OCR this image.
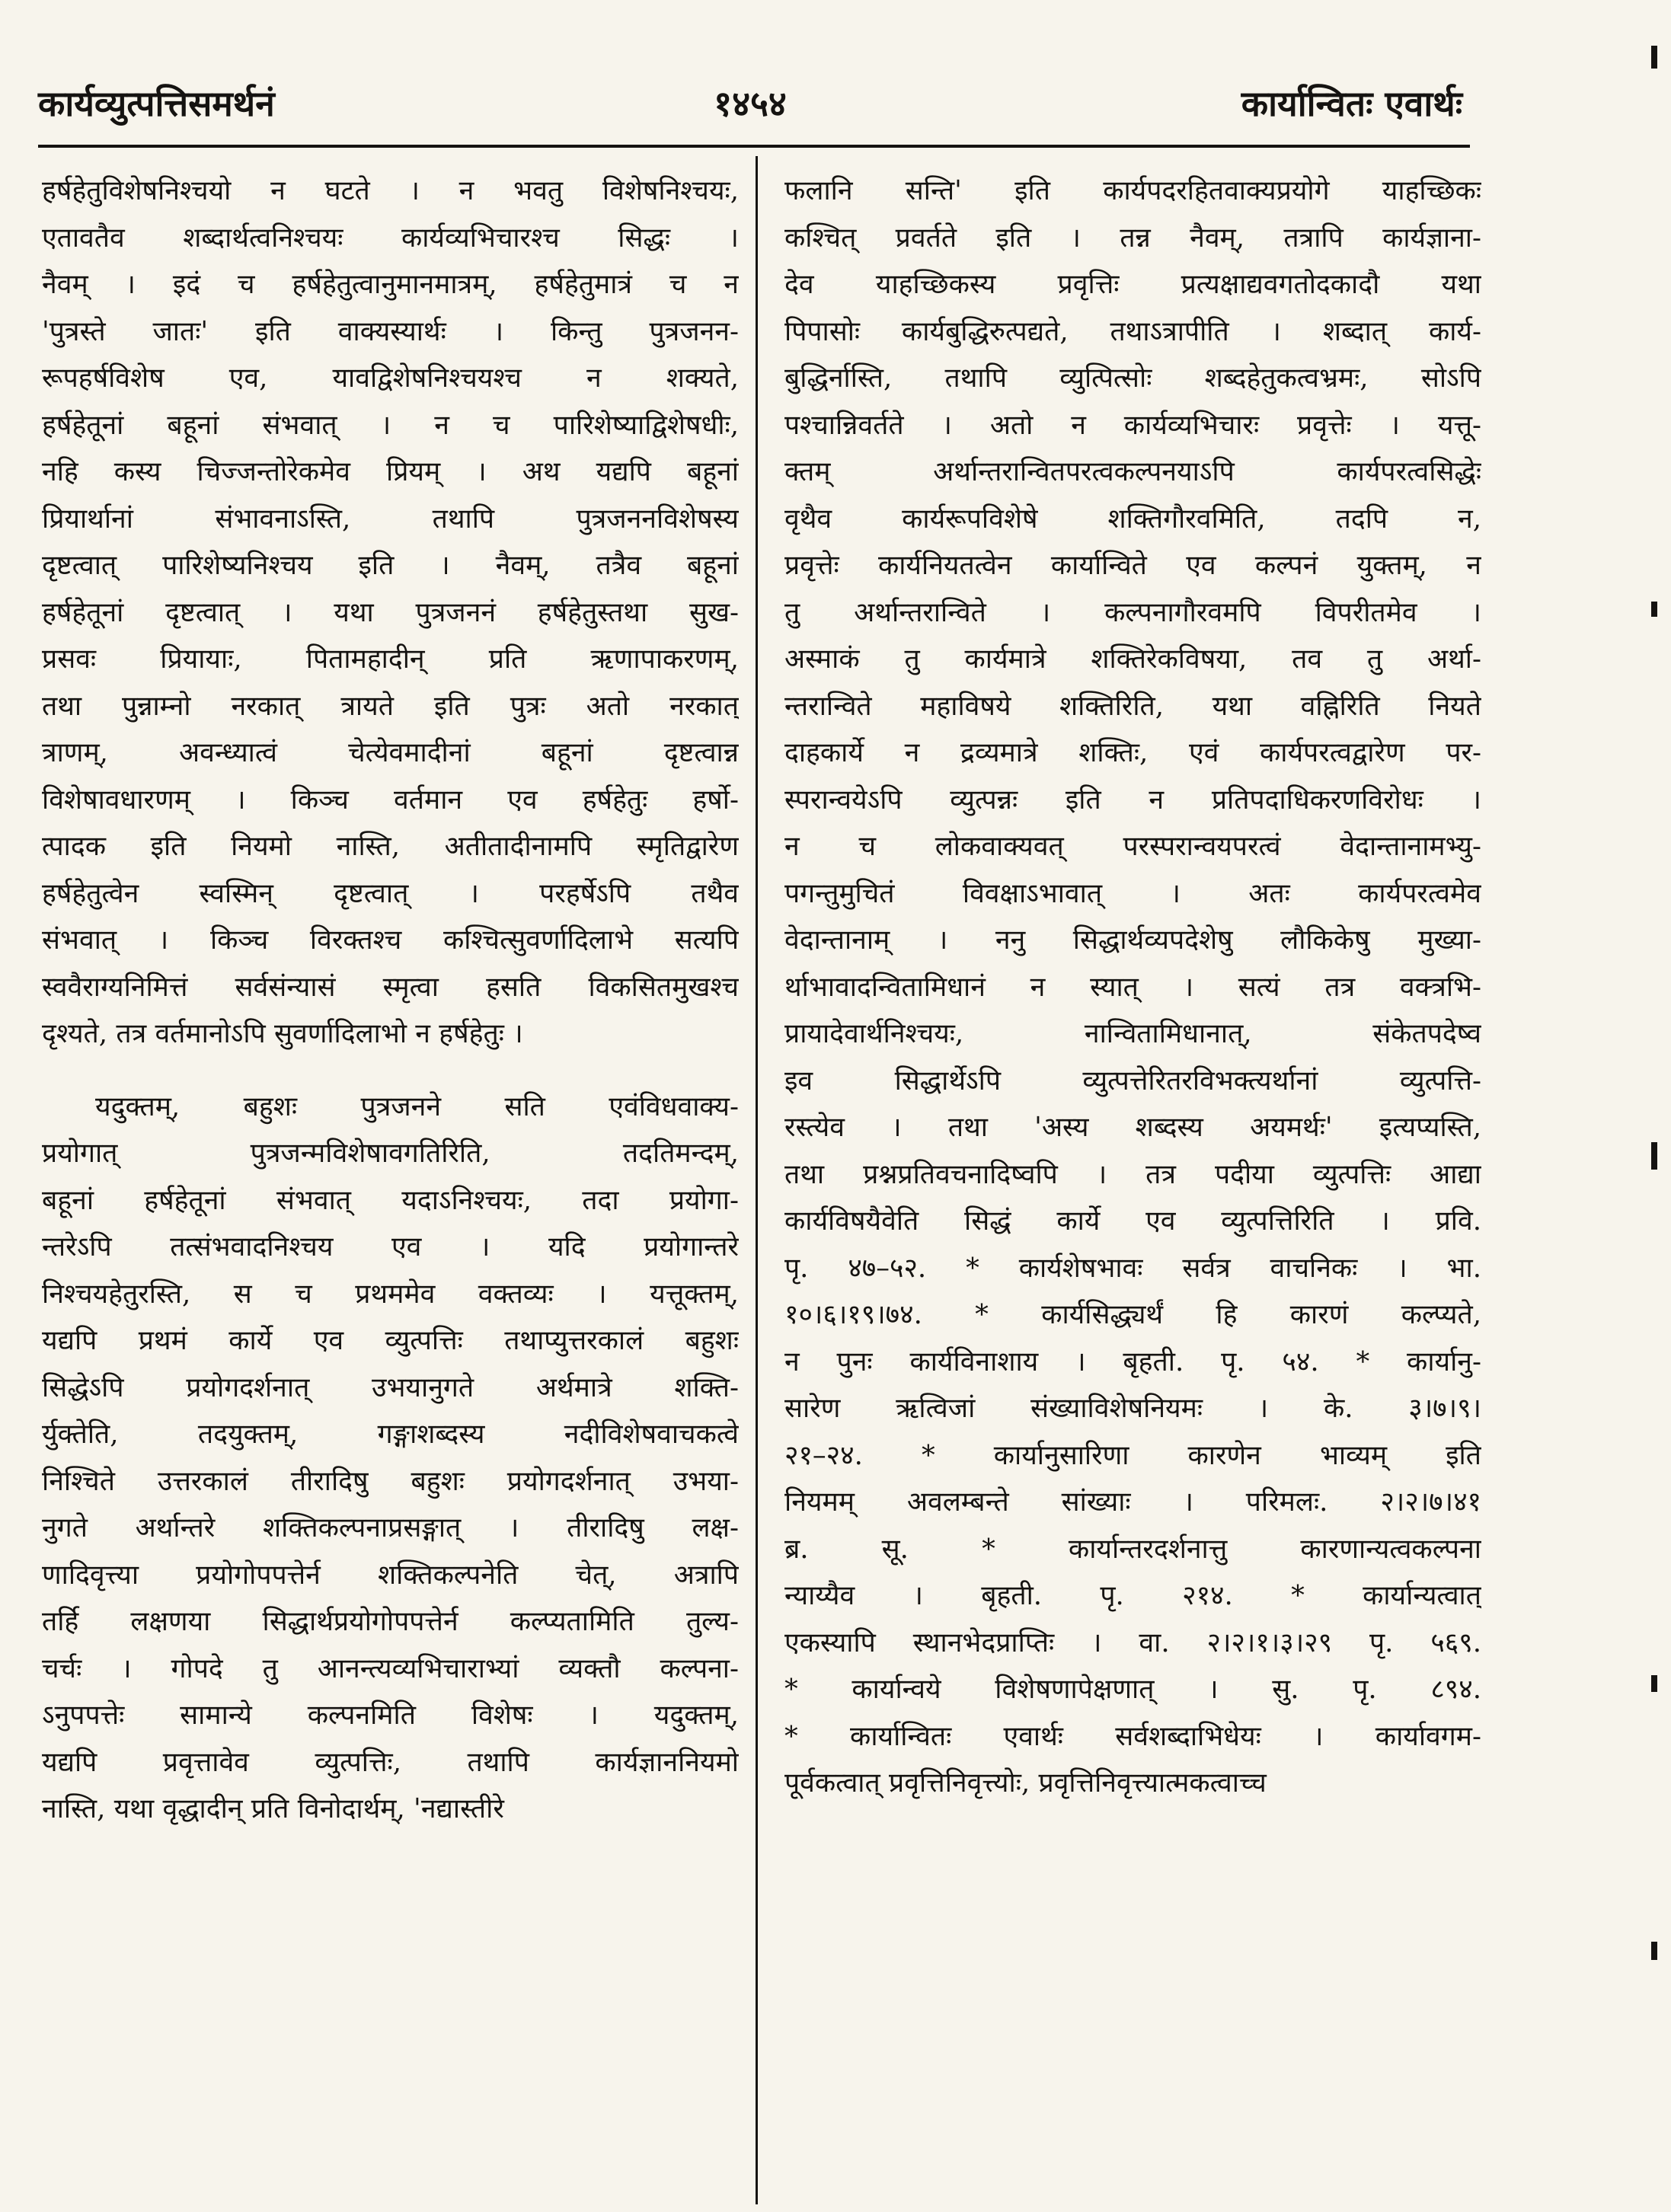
कार्यव्युत्पत्तिसमर्थनं	१४५४	कार्यान्वितः एवार्थः
हर्षहेतुविशेषनिश्चयो न घटते । न भवतु विशेषनिश्चयः,
एतावतैव शब्दार्थत्वनिश्चयः कार्यव्यभिचारश्च सिद्धः ।
नैवम् । इदं च हर्षहेतुत्वानुमानमात्रम्, हर्षहेतुमात्रं च न
'पुत्रस्ते जातः' इति वाक्यस्यार्थः । किन्तु पुत्रजनन-
रूपहर्षविशेष एव, यावद्विशेषनिश्चयश्च न शक्यते,
हर्षहेतूनां बहूनां संभवात् । न च पारिशेष्याद्विशेषधीः,
नहि कस्य चिज्जन्तोरेकमेव प्रियम् । अथ यद्यपि बहूनां
प्रियार्थानां संभावनाऽस्ति, तथापि पुत्रजननविशेषस्य
दृष्टत्वात् पारिशेष्यनिश्चय इति । नैवम्, तत्रैव बहूनां
हर्षहेतूनां दृष्टत्वात् । यथा पुत्रजननं हर्षहेतुस्तथा सुख-
प्रसवः प्रियायाः, पितामहादीन् प्रति ऋणापाकरणम्,
तथा पुन्नाम्नो नरकात् त्रायते इति पुत्रः अतो नरकात्
त्राणम्, अवन्ध्यात्वं चेत्येवमादीनां बहूनां दृष्टत्वान्न
विशेषावधारणम् । किञ्च वर्तमान एव हर्षहेतुः हर्षो-
त्पादक इति नियमो नास्ति, अतीतादीनामपि स्मृतिद्वारेण
हर्षहेतुत्वेन स्वस्मिन् दृष्टत्वात् । परहर्षेऽपि तथैव
संभवात् । किञ्च विरक्तश्च कश्चित्सुवर्णादिलाभे सत्यपि
स्ववैराग्यनिमित्तं सर्वसंन्यासं स्मृत्वा हसति विकसितमुखश्च
दृश्यते, तत्र वर्तमानोऽपि सुवर्णादिलाभो न हर्षहेतुः ।
यदुक्तम्, बहुशः पुत्रजनने सति एवंविधवाक्य-
प्रयोगात् पुत्रजन्मविशेषावगतिरिति, तदतिमन्दम्,
बहूनां हर्षहेतूनां संभवात् यदाऽनिश्चयः, तदा प्रयोगा-
न्तरेऽपि तत्संभवादनिश्चय एव । यदि प्रयोगान्तरे
निश्चयहेतुरस्ति, स च प्रथममेव वक्तव्यः । यत्तूक्तम्,
यद्यपि प्रथमं कार्ये एव व्युत्पत्तिः तथाप्युत्तरकालं बहुशः
सिद्धेऽपि प्रयोगदर्शनात् उभयानुगते अर्थमात्रे शक्ति-
र्युक्तेति, तदयुक्तम्, गङ्गाशब्दस्य नदीविशेषवाचकत्वे
निश्चिते उत्तरकालं तीरादिषु बहुशः प्रयोगदर्शनात् उभया-
नुगते अर्थान्तरे शक्तिकल्पनाप्रसङ्गात् । तीरादिषु लक्ष-
णादिवृत्त्या प्रयोगोपपत्तेर्न शक्तिकल्पनेति चेत्, अत्रापि
तर्हि लक्षणया सिद्धार्थप्रयोगोपपत्तेर्न कल्प्यतामिति तुल्य-
चर्चः । गोपदे तु आनन्त्यव्यभिचाराभ्यां व्यक्तौ कल्पना-
ऽनुपपत्तेः सामान्ये कल्पनमिति विशेषः । यदुक्तम्,
यद्यपि प्रवृत्तावेव व्युत्पत्तिः, तथापि कार्यज्ञाननियमो
नास्ति, यथा वृद्धादीन् प्रति विनोदार्थम्, 'नद्यास्तीरे
फलानि सन्ति' इति कार्यपदरहितवाक्यप्रयोगे याहच्छिकः
कश्चित् प्रवर्तते इति । तन्न नैवम्, तत्रापि कार्यज्ञाना-
देव याहच्छिकस्य प्रवृत्तिः प्रत्यक्षाद्यवगतोदकादौ यथा
पिपासोः कार्यबुद्धिरुत्पद्यते, तथाऽत्रापीति । शब्दात् कार्य-
बुद्धिर्नास्ति, तथापि व्युत्पित्सोः शब्दहेतुकत्वभ्रमः, सोऽपि
पश्चान्निवर्तते । अतो न कार्यव्यभिचारः प्रवृत्तेः । यत्तू-
क्तम् अर्थान्तरान्वितपरत्वकल्पनयाऽपि कार्यपरत्वसिद्धेः
वृथैव कार्यरूपविशेषे शक्तिगौरवमिति, तदपि न,
प्रवृत्तेः कार्यनियतत्वेन कार्यान्विते एव कल्पनं युक्तम्, न
तु अर्थान्तरान्विते । कल्पनागौरवमपि विपरीतमेव ।
अस्माकं तु कार्यमात्रे शक्तिरेकविषया, तव तु अर्था-
न्तरान्विते महाविषये शक्तिरिति, यथा वह्निरिति नियते
दाहकार्ये न द्रव्यमात्रे शक्तिः, एवं कार्यपरत्वद्वारेण पर-
स्परान्वयेऽपि व्युत्पन्नः इति न प्रतिपदाधिकरणविरोधः ।
न च लोकवाक्यवत् परस्परान्वयपरत्वं वेदान्तानामभ्यु-
पगन्तुमुचितं विवक्षाऽभावात् । अतः कार्यपरत्वमेव
वेदान्तानाम् । ननु सिद्धार्थव्यपदेशेषु लौकिकेषु मुख्या-
र्थाभावादन्वितामिधानं न स्यात् । सत्यं तत्र वक्त्रभि-
प्रायादेवार्थनिश्चयः, नान्वितामिधानात्, संकेतपदेष्व
इव सिद्धार्थेऽपि व्युत्पत्तेरितरविभक्त्यर्थानां व्युत्पत्ति-
रस्त्येव । तथा 'अस्य शब्दस्य अयमर्थः' इत्यप्यस्ति,
तथा प्रश्नप्रतिवचनादिष्वपि । तत्र पदीया व्युत्पत्तिः आद्या
कार्यविषयैवेति सिद्धं कार्ये एव व्युत्पत्तिरिति । प्रवि.
पृ. ४७–५२. * कार्यशेषभावः सर्वत्र वाचनिकः । भा.
१०।६।१९।७४. * कार्यसिद्ध्यर्थं हि कारणं कल्प्यते,
न पुनः कार्यविनाशाय । बृहती. पृ. ५४. * कार्यानु-
सारेण ऋत्विजां संख्याविशेषनियमः । के. ३।७।९।
२१–२४. * कार्यानुसारिणा कारणेन भाव्यम् इति
नियमम् अवलम्बन्ते सांख्याः । परिमलः. २।२।७।४१
ब्र. सू. * कार्यान्तरदर्शनात्तु कारणान्यत्वकल्पना
न्याय्यैव । बृहती. पृ. २१४. * कार्यान्यत्वात्
एकस्यापि स्थानभेदप्राप्तिः । वा. २।२।१।३।२९ पृ. ५६९.
* कार्यान्वये विशेषणापेक्षणात् । सु. पृ. ८९४.
* कार्यान्वितः एवार्थः सर्वशब्दाभिधेयः । कार्यावगम-
पूर्वकत्वात् प्रवृत्तिनिवृत्त्योः, प्रवृत्तिनिवृत्त्यात्मकत्वाच्च
